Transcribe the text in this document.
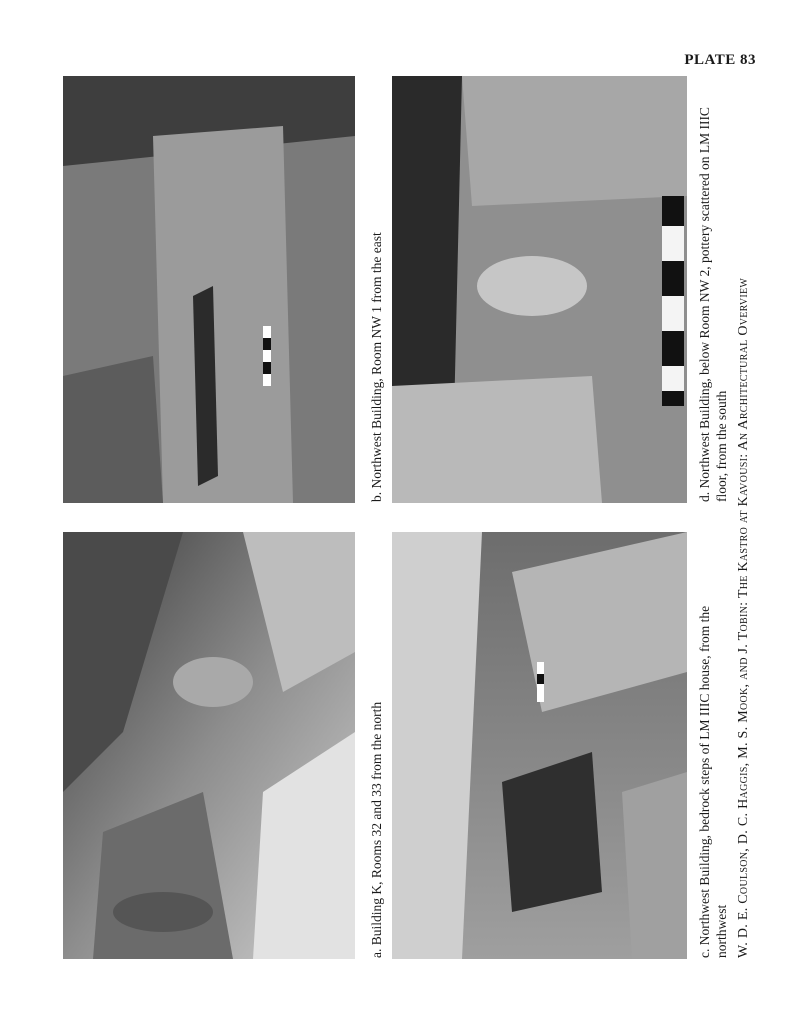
PLATE 83
a. Building K, Rooms 32 and 33 from the north
b. Northwest Building, Room NW 1 from the east
c. Northwest Building, bedrock steps of LM IIIC house, from the northwest
d. Northwest Building, below Room NW 2, pottery scattered on LM IIIC floor, from the south W. D. E. Coulson, D. C. Haggis, M. S. Mook, and J. Tobin: The Kastro at Kavousi: An Architectural Overview
